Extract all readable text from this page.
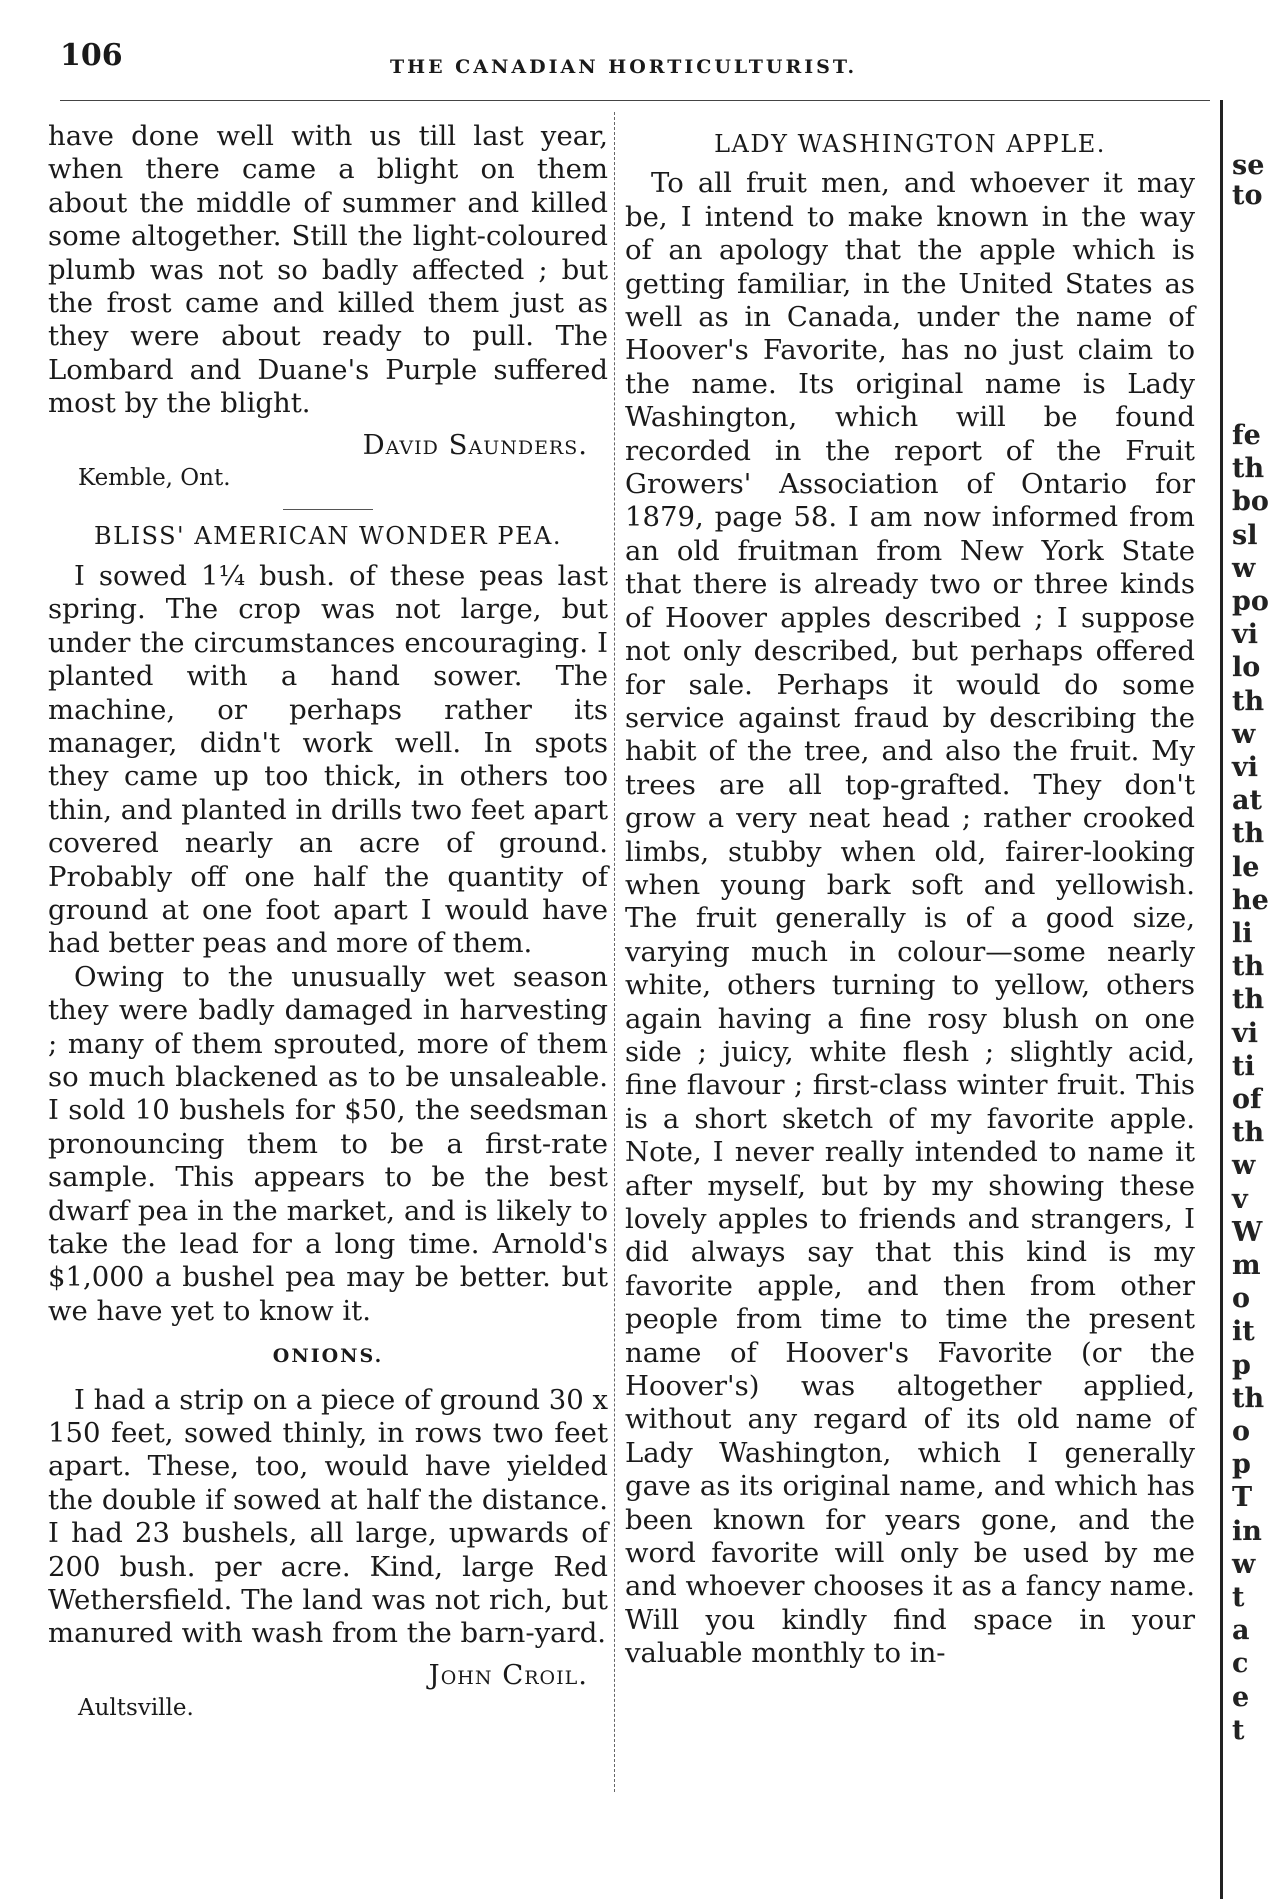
106	THE CANADIAN HORTICULTURIST.

have done well with us till last year, when there came a blight on them about the middle of summer and killed some altogether. Still the light-coloured plumb was not so badly affected ; but the frost came and killed them just as they were about ready to pull. The Lombard and Duane's Purple suffered most by the blight.

David Saunders.
Kemble, Ont.
BLISS' AMERICAN WONDER PEA.

I sowed 1¼ bush. of these peas last spring. The crop was not large, but under the circumstances encouraging. I planted with a hand sower. The machine, or perhaps rather its manager, didn't work well. In spots they came up too thick, in others too thin, and planted in drills two feet apart covered nearly an acre of ground. Probably off one half the quantity of ground at one foot apart I would have had better peas and more of them.

Owing to the unusually wet season they were badly damaged in harvesting ; many of them sprouted, more of them so much blackened as to be unsaleable. I sold 10 bushels for $50, the seedsman pronouncing them to be a first-rate sample. This appears to be the best dwarf pea in the market, and is likely to take the lead for a long time. Arnold's $1,000 a bushel pea may be better. but we have yet to know it.

ONIONS.

I had a strip on a piece of ground 30 x 150 feet, sowed thinly, in rows two feet apart. These, too, would have yielded the double if sowed at half the distance. I had 23 bushels, all large, upwards of 200 bush. per acre. Kind, large Red Wethersfield. The land was not rich, but manured with wash from the barn-yard.

John Croil.
Aultsville.
LADY WASHINGTON APPLE.

To all fruit men, and whoever it may be, I intend to make known in the way of an apology that the apple which is getting familiar, in the United States as well as in Canada, under the name of Hoover's Favorite, has no just claim to the name. Its original name is Lady Washington, which will be found recorded in the report of the Fruit Growers' Association of Ontario for 1879, page 58. I am now informed from an old fruitman from New York State that there is already two or three kinds of Hoover apples described ; I suppose not only described, but perhaps offered for sale. Perhaps it would do some service against fraud by describing the habit of the tree, and also the fruit. My trees are all top-grafted. They don't grow a very neat head ; rather crooked limbs, stubby when old, fairer-looking when young bark soft and yellowish. The fruit generally is of a good size, varying much in colour—some nearly white, others turning to yellow, others again having a fine rosy blush on one side ; juicy, white flesh ; slightly acid, fine flavour ; first-class winter fruit. This is a short sketch of my favorite apple. Note, I never really intended to name it after myself, but by my showing these lovely apples to friends and strangers, I did always say that this kind is my favorite apple, and then from other people from time to time the present name of Hoover's Favorite (or the Hoover's) was altogether applied, without any regard of its old name of Lady Washington, which I generally gave as its original name, and which has been known for years gone, and the word favorite will only be used by me and whoever chooses it as a fancy name. Will you kindly find space in your valuable monthly to in-

se
to
fe
th
bo
sl
w
po
vi
lo
th
w
vi
at
th
le
he
li
th
th
vi
ti
of
th
w
v
W
m
o
it
p
th
o
p
T
in
w
t
a
c
e
t
